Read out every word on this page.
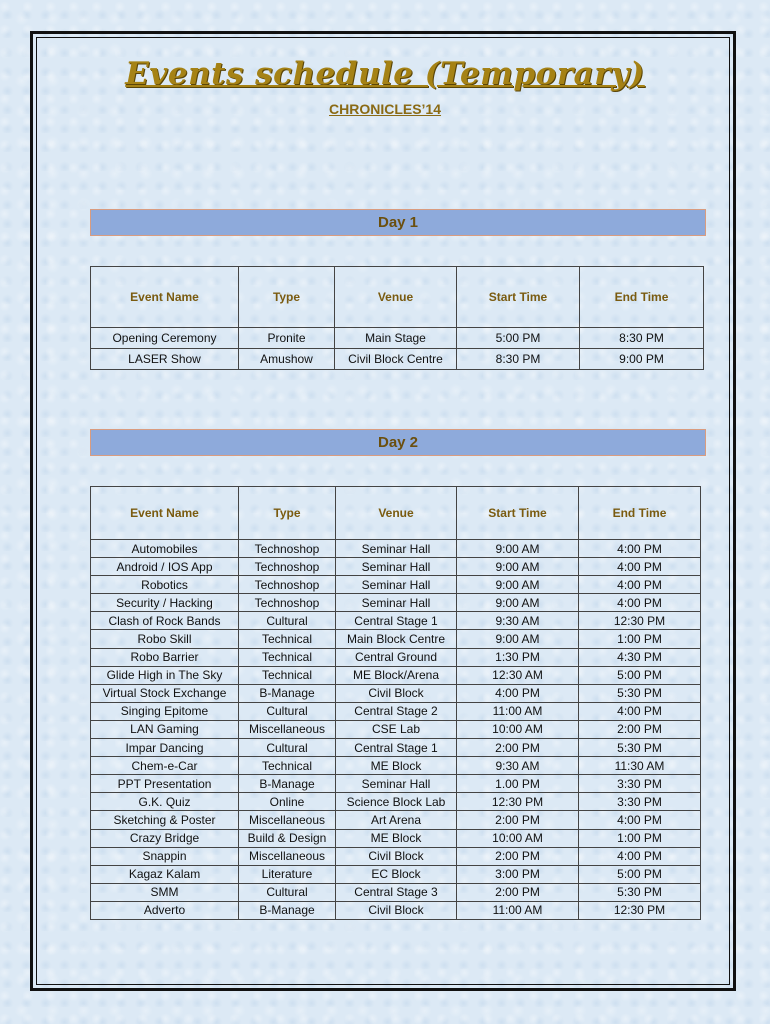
Events schedule (Temporary)
CHRONICLES’14
Day 1
Event Name	Type	Venue	Start Time	End Time
Opening Ceremony	Pronite	Main Stage	5:00 PM	8:30 PM
LASER Show	Amushow	Civil Block Centre	8:30 PM	9:00 PM
Day 2
Event Name	Type	Venue	Start Time	End Time
Automobiles	Technoshop	Seminar Hall	9:00 AM	4:00 PM
Android / IOS App	Technoshop	Seminar Hall	9:00 AM	4:00 PM
Robotics	Technoshop	Seminar Hall	9:00 AM	4:00 PM
Security / Hacking	Technoshop	Seminar Hall	9:00 AM	4:00 PM
Clash of Rock Bands	Cultural	Central Stage 1	9:30 AM	12:30 PM
Robo Skill	Technical	Main Block Centre	9:00 AM	1:00 PM
Robo Barrier	Technical	Central Ground	1:30 PM	4:30 PM
Glide High in The Sky	Technical	ME Block/Arena	12:30 AM	5:00 PM
Virtual Stock Exchange	B-Manage	Civil Block	4:00 PM	5:30 PM
Singing Epitome	Cultural	Central Stage 2	11:00 AM	4:00 PM
LAN Gaming	Miscellaneous	CSE Lab	10:00 AM	2:00 PM
Impar Dancing	Cultural	Central Stage 1	2:00 PM	5:30 PM
Chem-e-Car	Technical	ME Block	9:30 AM	11:30 AM
PPT Presentation	B-Manage	Seminar Hall	1.00 PM	3:30 PM
G.K. Quiz	Online	Science Block Lab	12:30 PM	3:30 PM
Sketching & Poster	Miscellaneous	Art Arena	2:00 PM	4:00 PM
Crazy Bridge	Build & Design	ME Block	10:00 AM	1:00 PM
Snappin	Miscellaneous	Civil Block	2:00 PM	4:00 PM
Kagaz Kalam	Literature	EC Block	3:00 PM	5:00 PM
SMM	Cultural	Central Stage 3	2:00 PM	5:30 PM
Adverto	B-Manage	Civil Block	11:00 AM	12:30 PM
